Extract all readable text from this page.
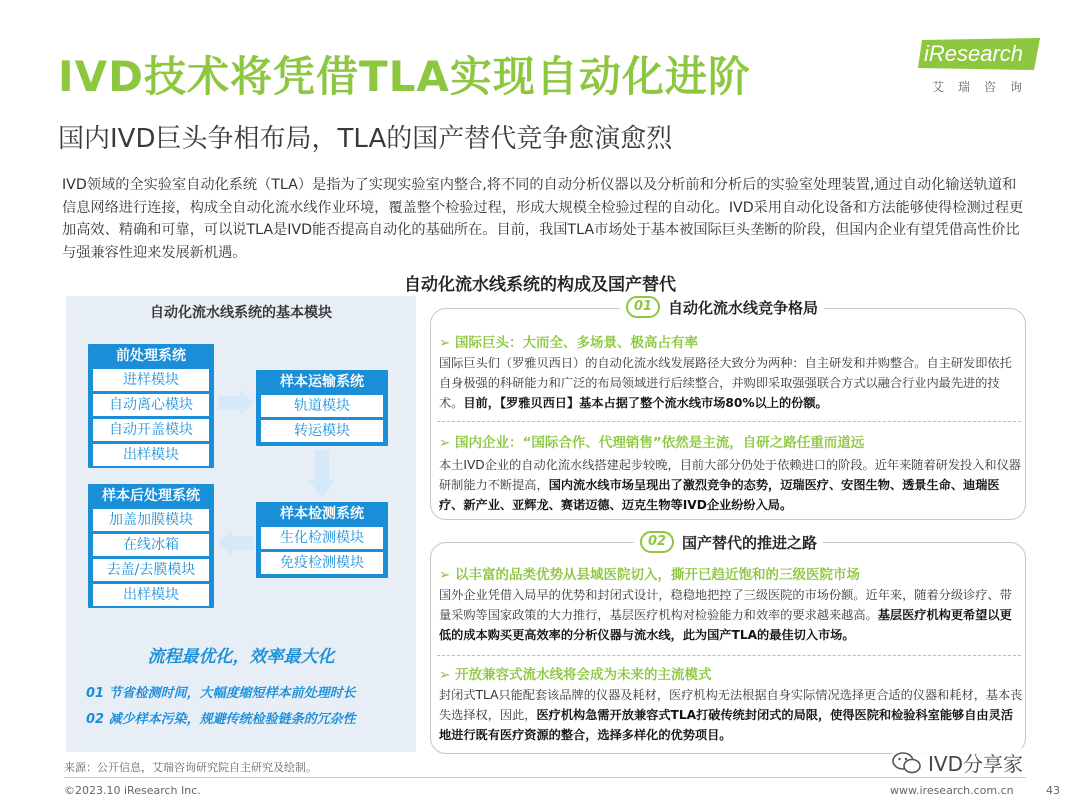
IVD技术将凭借TLA实现自动化进阶
国内IVD巨头争相布局，TLA的国产替代竞争愈演愈烈
iResearch
艾瑞咨询
IVD领域的全实验室自动化系统（TLA）是指为了实现实验室内整合,将不同的自动分析仪器以及分析前和分析后的实验室处理装置,通过自动化输送轨道和信息网络进行连接，构成全自动化流水线作业环境，覆盖整个检验过程，形成大规模全检验过程的自动化。IVD采用自动化设备和方法能够使得检测过程更加高效、精确和可靠，可以说TLA是IVD能否提高自动化的基础所在。目前，我国TLA市场处于基本被国际巨头垄断的阶段，但国内企业有望凭借高性价比与强兼容性迎来发展新机遇。
自动化流水线系统的构成及国产替代
自动化流水线系统的基本模块
前处理系统
进样模块
自动离心模块
自动开盖模块
出样模块
样本运输系统
轨道模块
转运模块
样本后处理系统
加盖加膜模块
在线冰箱
去盖/去膜模块
出样模块
样本检测系统
生化检测模块
免疫检测模块
流程最优化，效率最大化
01 节省检测时间，大幅度缩短样本前处理时长
02 减少样本污染，规避传统检验链条的冗杂性
➢ 国际巨头：大而全、多场景、极高占有率
国际巨头们（罗雅贝西日）的自动化流水线发展路径大致分为两种：自主研发和并购整合。自主研发即依托自身极强的科研能力和广泛的布局领域进行后续整合，并购即采取强强联合方式以融合行业内最先进的技术。目前，【罗雅贝西日】基本占据了整个流水线市场80%以上的份额。
➢ 国内企业：“国际合作、代理销售”依然是主流，自研之路任重而道远
本土IVD企业的自动化流水线搭建起步较晚，目前大部分仍处于依赖进口的阶段。近年来随着研发投入和仪器研制能力不断提高，国内流水线市场呈现出了激烈竞争的态势，迈瑞医疗、安图生物、透景生命、迪瑞医疗、新产业、亚辉龙、赛诺迈德、迈克生物等IVD企业纷纷入局。
01	自动化流水线竞争格局
➢ 以丰富的品类优势从县域医院切入，撕开已趋近饱和的三级医院市场
国外企业凭借入局早的优势和封闭式设计，稳稳地把控了三级医院的市场份额。近年来，随着分级诊疗、带量采购等国家政策的大力推行，基层医疗机构对检验能力和效率的要求越来越高。基层医疗机构更希望以更低的成本购买更高效率的分析仪器与流水线，此为国产TLA的最佳切入市场。
➢ 开放兼容式流水线将会成为未来的主流模式
封闭式TLA只能配套该品牌的仪器及耗材，医疗机构无法根据自身实际情况选择更合适的仪器和耗材，基本丧失选择权，因此，医疗机构急需开放兼容式TLA打破传统封闭式的局限，使得医院和检验科室能够自由灵活地进行既有医疗资源的整合，选择多样化的优势项目。
02	国产替代的推进之路
来源：公开信息，艾瑞咨询研究院自主研究及绘制。
©2023.10 iResearch Inc.	www.iresearch.com.cn	43
IVD分享家
